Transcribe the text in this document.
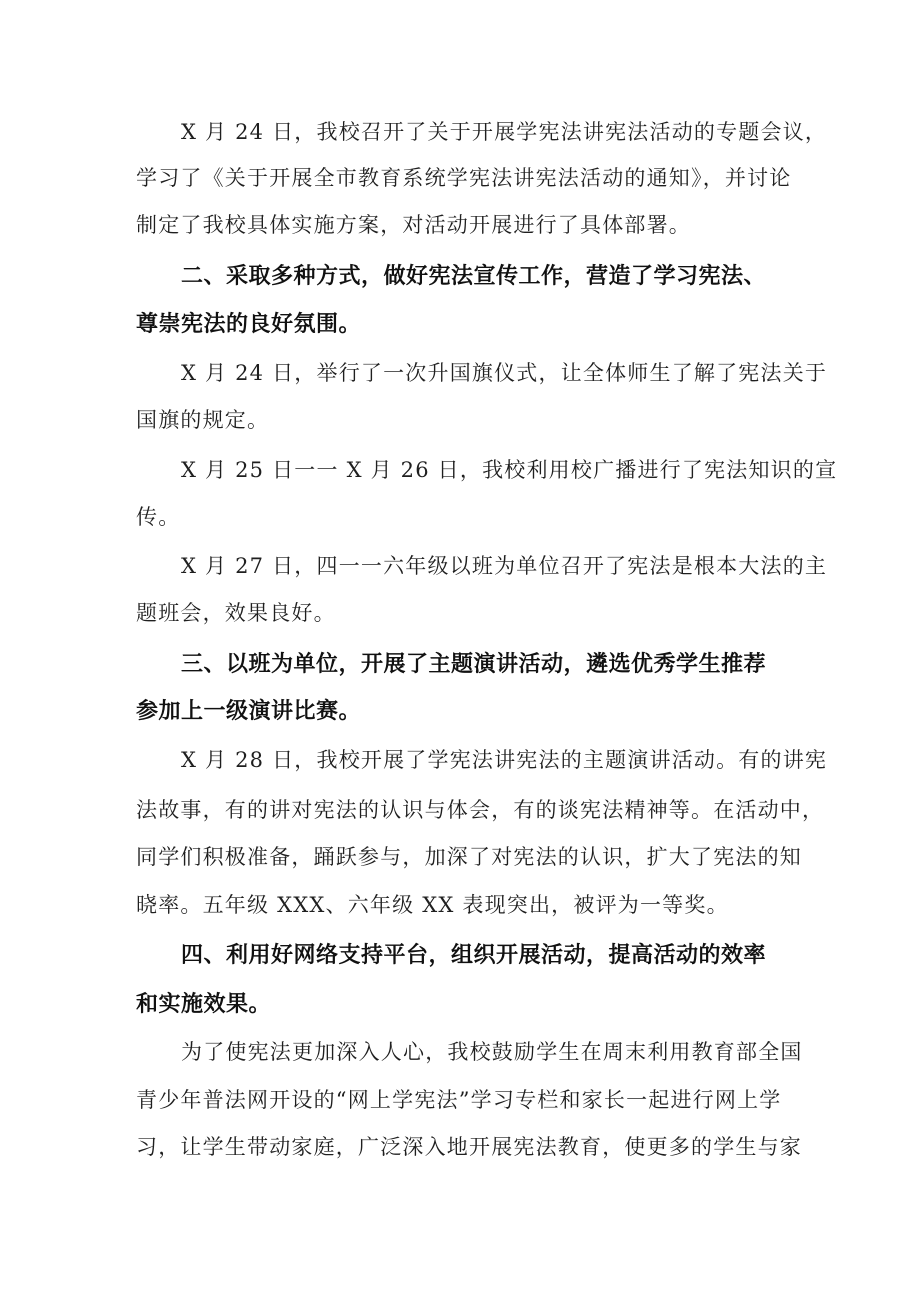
X 月 24 日，我校召开了关于开展学宪法讲宪法活动的专题会议，
学习了《关于开展全市教育系统学宪法讲宪法活动的通知》，并讨论
制定了我校具体实施方案，对活动开展进行了具体部署。
二、采取多种方式，做好宪法宣传工作，营造了学习宪法、
尊崇宪法的良好氛围。
X 月 24 日，举行了一次升国旗仪式，让全体师生了解了宪法关于
国旗的规定。
X 月 25 日一一 X 月 26 日，我校利用校广播进行了宪法知识的宣
传。
X 月 27 日，四一一六年级以班为单位召开了宪法是根本大法的主
题班会，效果良好。
三、以班为单位，开展了主题演讲活动，遴选优秀学生推荐
参加上一级演讲比赛。
X 月 28 日，我校开展了学宪法讲宪法的主题演讲活动。有的讲宪
法故事，有的讲对宪法的认识与体会，有的谈宪法精神等。在活动中，
同学们积极准备，踊跃参与，加深了对宪法的认识，扩大了宪法的知
晓率。五年级 XXX、六年级 XX 表现突出，被评为一等奖。
四、利用好网络支持平台，组织开展活动，提高活动的效率
和实施效果。
为了使宪法更加深入人心，我校鼓励学生在周末利用教育部全国
青少年普法网开设的“网上学宪法”学习专栏和家长一起进行网上学
习，让学生带动家庭，广泛深入地开展宪法教育，使更多的学生与家
